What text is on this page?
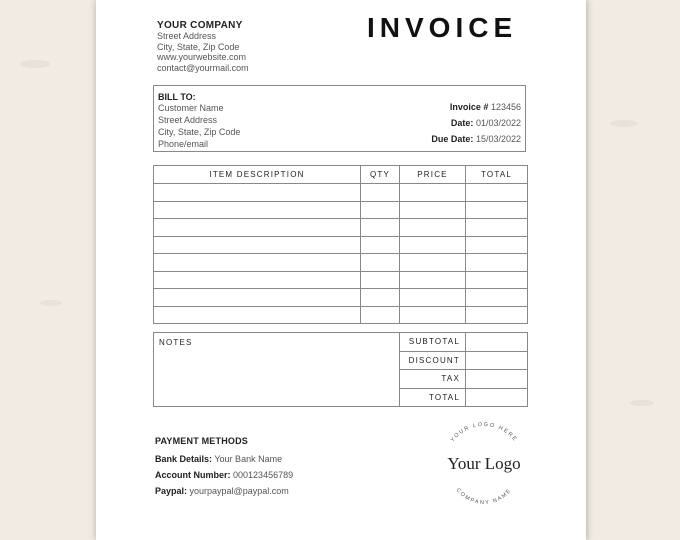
YOUR COMPANY
Street Address
City, State, Zip Code
www.yourwebsite.com
contact@yourmail.com
INVOICE
BILL TO:
Customer Name
Street Address
City, State, Zip Code
Phone/email
Invoice # 123456
Date: 01/03/2022
Due Date: 15/03/2022
ITEM DESCRIPTION	QTY	PRICE	TOTAL

NOTES	SUBTOTAL	
	DISCOUNT	
	TAX	
	TOTAL	
PAYMENT METHODS
Bank Details: Your Bank Name
Account Number: 000123456789
Paypal: yourpaypal@paypal.com
YOUR LOGO HERE
Your Logo
COMPANY NAME
